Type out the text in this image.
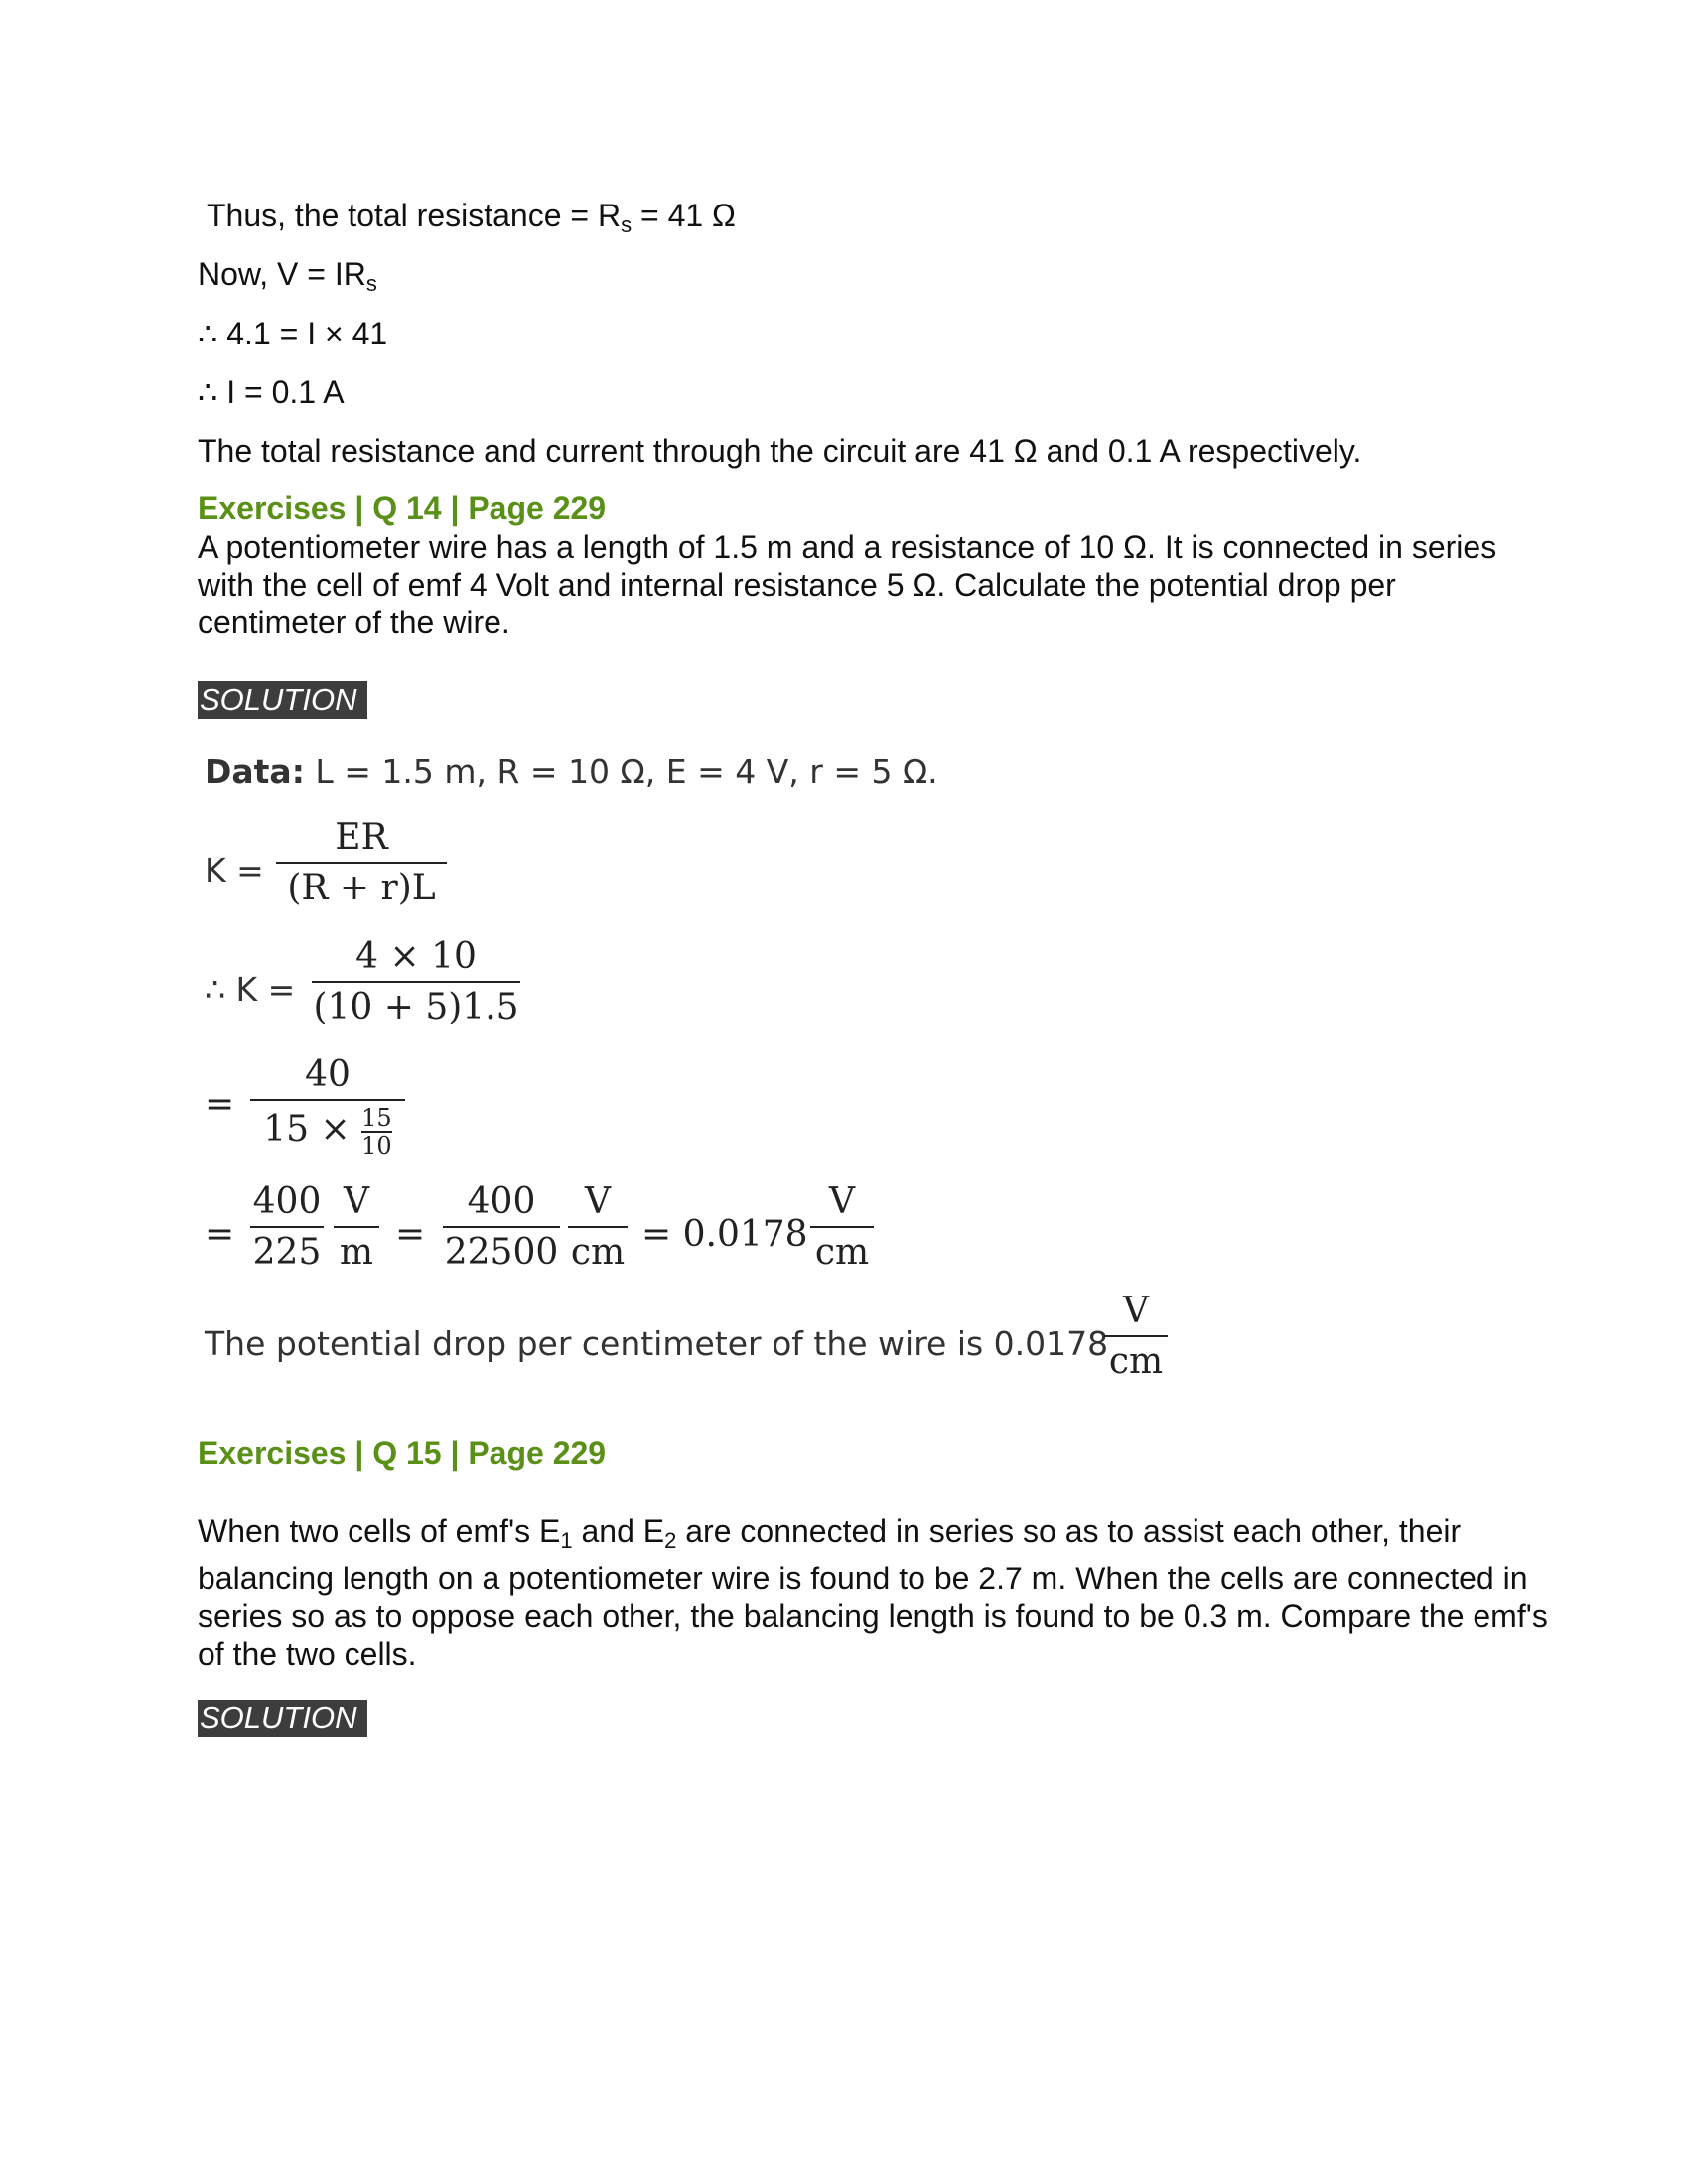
Thus, the total resistance = $R_s = 41$ Ω
Now, $V = IR_s$
∴ 4.1 = I × 41
∴ I = 0.1 A
The total resistance and current through the circuit are 41 Ω and 0.1 A respectively.
Exercises | Q 14 | Page 229
A potentiometer wire has a length of 1.5 m and a resistance of 10 Ω. It is connected in series with the cell of emf 4 Volt and internal resistance 5 Ω. Calculate the potential drop per centimeter of the wire.
SOLUTION
Data: L = 1.5 m, R = 10 Ω, E = 4 V, r = 5 Ω.
K =
ER
(R + r)L
∴ K =
4 × 10
(10 + 5)1.5
=
40
$15 \times \frac{15}{10}$
=
400
225
V
m =
400
22500
V
cm = 0.0178
V
cm
The potential drop per centimeter of the wire is 0.0178
V
cm
Exercises | Q 15 | Page 229
When two cells of emf's $E_1$ and $E_2$ are connected in series so as to assist each other, their balancing length on a potentiometer wire is found to be 2.7 m. When the cells are connected in series so as to oppose each other, the balancing length is found to be 0.3 m. Compare the emf's of the two cells.
SOLUTION
